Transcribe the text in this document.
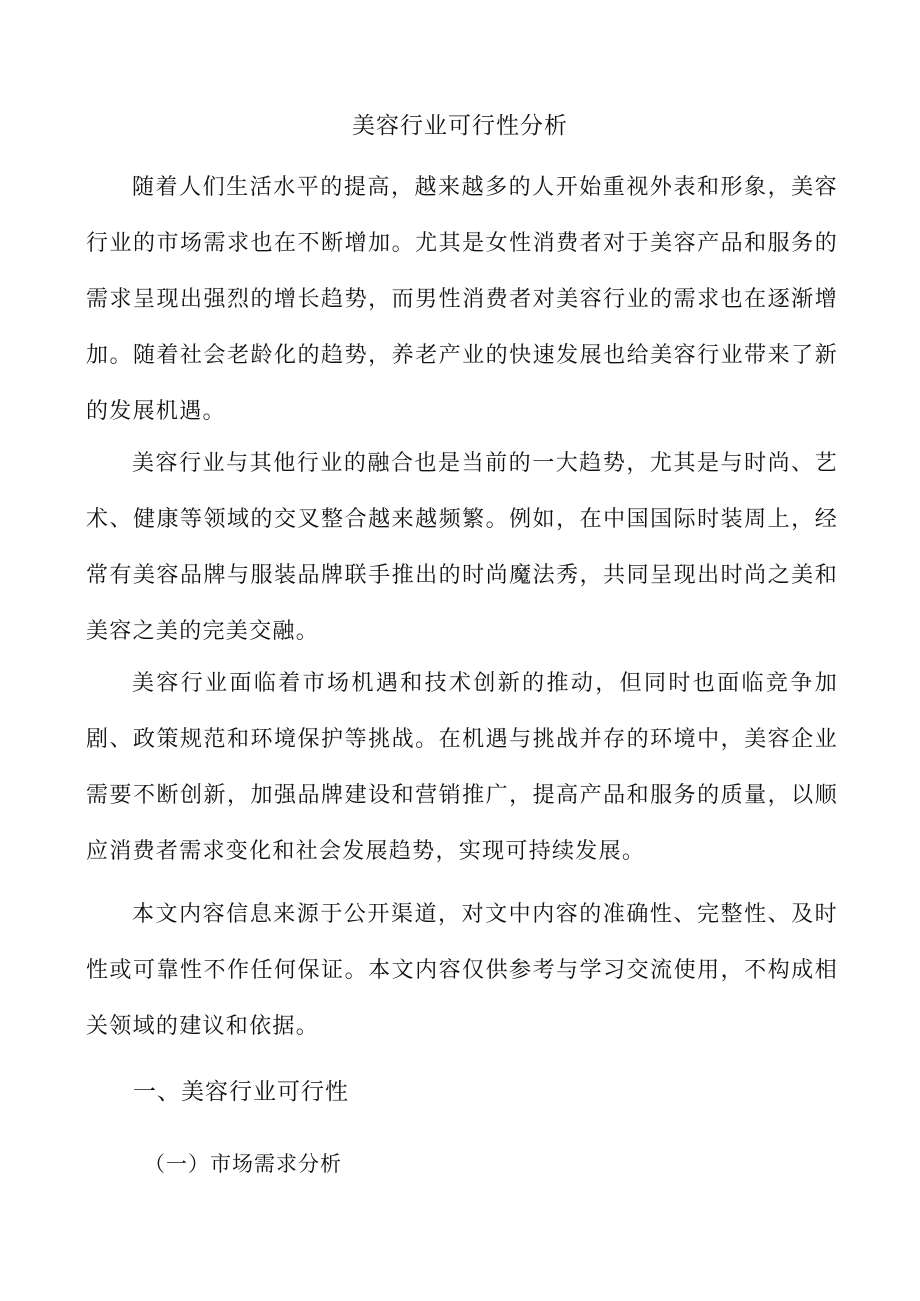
美容行业可行性分析

随着人们生活水平的提高，越来越多的人开始重视外表和形象，美容行业的市场需求也在不断增加。尤其是女性消费者对于美容产品和服务的需求呈现出强烈的增长趋势，而男性消费者对美容行业的需求也在逐渐增加。随着社会老龄化的趋势，养老产业的快速发展也给美容行业带来了新的发展机遇。

美容行业与其他行业的融合也是当前的一大趋势，尤其是与时尚、艺术、健康等领域的交叉整合越来越频繁。例如，在中国国际时装周上，经常有美容品牌与服装品牌联手推出的时尚魔法秀，共同呈现出时尚之美和美容之美的完美交融。

美容行业面临着市场机遇和技术创新的推动，但同时也面临竞争加剧、政策规范和环境保护等挑战。在机遇与挑战并存的环境中，美容企业需要不断创新，加强品牌建设和营销推广，提高产品和服务的质量，以顺应消费者需求变化和社会发展趋势，实现可持续发展。

本文内容信息来源于公开渠道，对文中内容的准确性、完整性、及时性或可靠性不作任何保证。本文内容仅供参考与学习交流使用，不构成相关领域的建议和依据。

一、美容行业可行性
（一）市场需求分析
